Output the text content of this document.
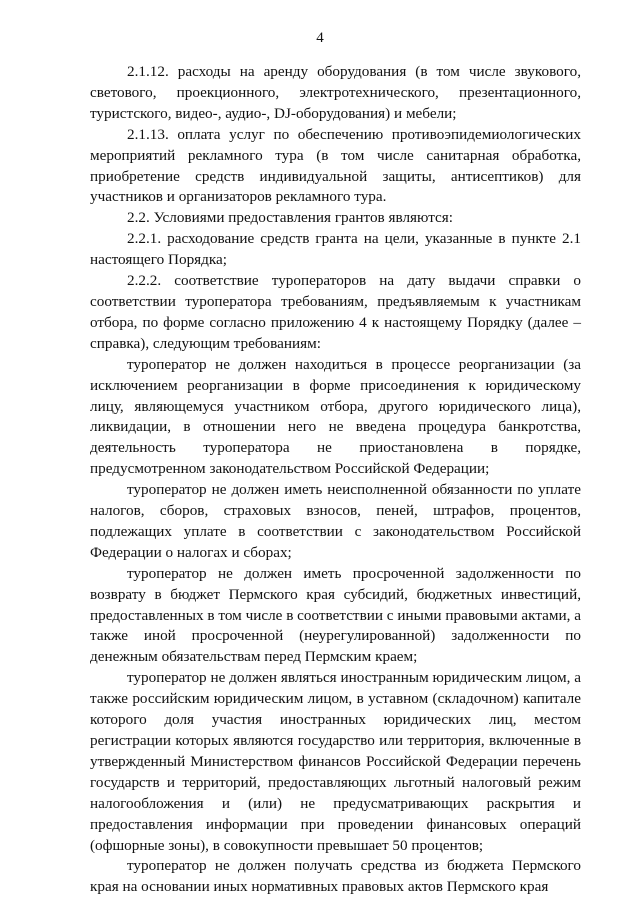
4

2.1.12. расходы на аренду оборудования (в том числе звукового, светового, проекционного, электротехнического, презентационного, туристского, видео-, аудио-, DJ-оборудования) и мебели;

2.1.13. оплата услуг по обеспечению противоэпидемиологических мероприятий рекламного тура (в том числе санитарная обработка, приобретение средств индивидуальной защиты, антисептиков) для участников и организаторов рекламного тура.

2.2. Условиями предоставления грантов являются:

2.2.1. расходование средств гранта на цели, указанные в пункте 2.1 настоящего Порядка;

2.2.2. соответствие туроператоров на дату выдачи справки о соответствии туроператора требованиям, предъявляемым к участникам отбора, по форме согласно приложению 4 к настоящему Порядку (далее – справка), следующим требованиям:

туроператор не должен находиться в процессе реорганизации (за исключением реорганизации в форме присоединения к юридическому лицу, являющемуся участником отбора, другого юридического лица), ликвидации, в отношении него не введена процедура банкротства, деятельность туроператора не приостановлена в порядке, предусмотренном законодательством Российской Федерации;

туроператор не должен иметь неисполненной обязанности по уплате налогов, сборов, страховых взносов, пеней, штрафов, процентов, подлежащих уплате в соответствии с законодательством Российской Федерации о налогах и сборах;

туроператор не должен иметь просроченной задолженности по возврату в бюджет Пермского края субсидий, бюджетных инвестиций, предоставленных в том числе в соответствии с иными правовыми актами, а также иной просроченной (неурегулированной) задолженности по денежным обязательствам перед Пермским краем;

туроператор не должен являться иностранным юридическим лицом, а также российским юридическим лицом, в уставном (складочном) капитале которого доля участия иностранных юридических лиц, местом регистрации которых являются государство или территория, включенные в утвержденный Министерством финансов Российской Федерации перечень государств и территорий, предоставляющих льготный налоговый режим налогообложения и (или) не предусматривающих раскрытия и предоставления информации при проведении финансовых операций (офшорные зоны), в совокупности превышает 50 процентов;

туроператор не должен получать средства из бюджета Пермского края на основании иных нормативных правовых актов Пермского края
